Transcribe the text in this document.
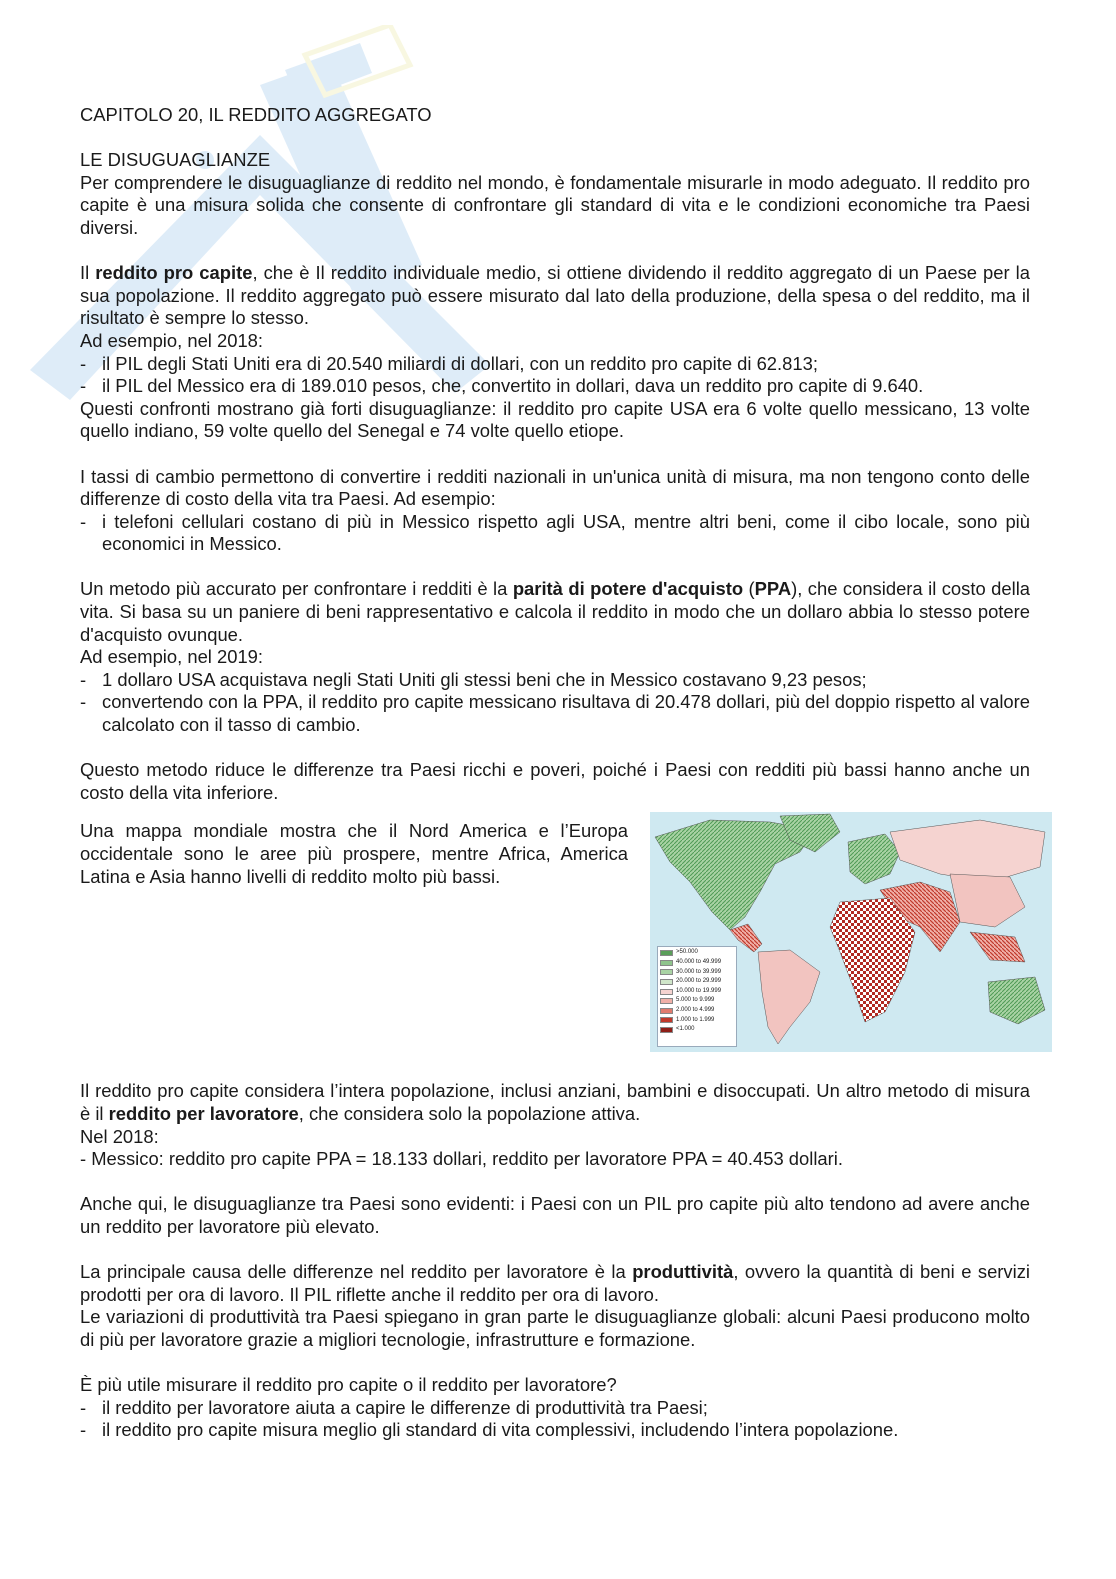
CAPITOLO 20, IL REDDITO AGGREGATO

LE DISUGUAGLIANZE

Per comprendere le disuguaglianze di reddito nel mondo, è fondamentale misurarle in modo adeguato. Il reddito pro capite è una misura solida che consente di confrontare gli standard di vita e le condizioni economiche tra Paesi diversi.

Il reddito pro capite, che è Il reddito individuale medio, si ottiene dividendo il reddito aggregato di un Paese per la sua popolazione. Il reddito aggregato può essere misurato dal lato della produzione, della spesa o del reddito, ma il risultato è sempre lo stesso.

Ad esempio, nel 2018:

- il PIL degli Stati Uniti era di 20.540 miliardi di dollari, con un reddito pro capite di 62.813;
- il PIL del Messico era di 189.010 pesos, che, convertito in dollari, dava un reddito pro capite di 9.640.

Questi confronti mostrano già forti disuguaglianze: il reddito pro capite USA era 6 volte quello messicano, 13 volte quello indiano, 59 volte quello del Senegal e 74 volte quello etiope.

I tassi di cambio permettono di convertire i redditi nazionali in un'unica unità di misura, ma non tengono conto delle differenze di costo della vita tra Paesi. Ad esempio:

- i telefoni cellulari costano di più in Messico rispetto agli USA, mentre altri beni, come il cibo locale, sono più economici in Messico.

Un metodo più accurato per confrontare i redditi è la parità di potere d'acquisto (PPA), che considera il costo della vita. Si basa su un paniere di beni rappresentativo e calcola il reddito in modo che un dollaro abbia lo stesso potere d'acquisto ovunque.

Ad esempio, nel 2019:

- 1 dollaro USA acquistava negli Stati Uniti gli stessi beni che in Messico costavano 9,23 pesos;
- convertendo con la PPA, il reddito pro capite messicano risultava di 20.478 dollari, più del doppio rispetto al valore calcolato con il tasso di cambio.

Questo metodo riduce le differenze tra Paesi ricchi e poveri, poiché i Paesi con redditi più bassi hanno anche un costo della vita inferiore.

Una mappa mondiale mostra che il Nord America e l’Europa occidentale sono le aree più prospere, mentre Africa, America Latina e Asia hanno livelli di reddito molto più bassi.

>50.000
40.000 to 49.999
30.000 to 39.999
20.000 to 29.999
10.000 to 19.999
5.000 to 9.999
2.000 to 4.999
1.000 to 1.999
<1.000

Il reddito pro capite considera l’intera popolazione, inclusi anziani, bambini e disoccupati. Un altro metodo di misura è il reddito per lavoratore, che considera solo la popolazione attiva.

Nel 2018:

- Messico: reddito pro capite PPA = 18.133 dollari, reddito per lavoratore PPA = 40.453 dollari.

Anche qui, le disuguaglianze tra Paesi sono evidenti: i Paesi con un PIL pro capite più alto tendono ad avere anche un reddito per lavoratore più elevato.

La principale causa delle differenze nel reddito per lavoratore è la produttività, ovvero la quantità di beni e servizi prodotti per ora di lavoro. Il PIL riflette anche il reddito per ora di lavoro.

Le variazioni di produttività tra Paesi spiegano in gran parte le disuguaglianze globali: alcuni Paesi producono molto di più per lavoratore grazie a migliori tecnologie, infrastrutture e formazione.

È più utile misurare il reddito pro capite o il reddito per lavoratore?

- il reddito per lavoratore aiuta a capire le differenze di produttività tra Paesi;
- il reddito pro capite misura meglio gli standard di vita complessivi, includendo l’intera popolazione.
